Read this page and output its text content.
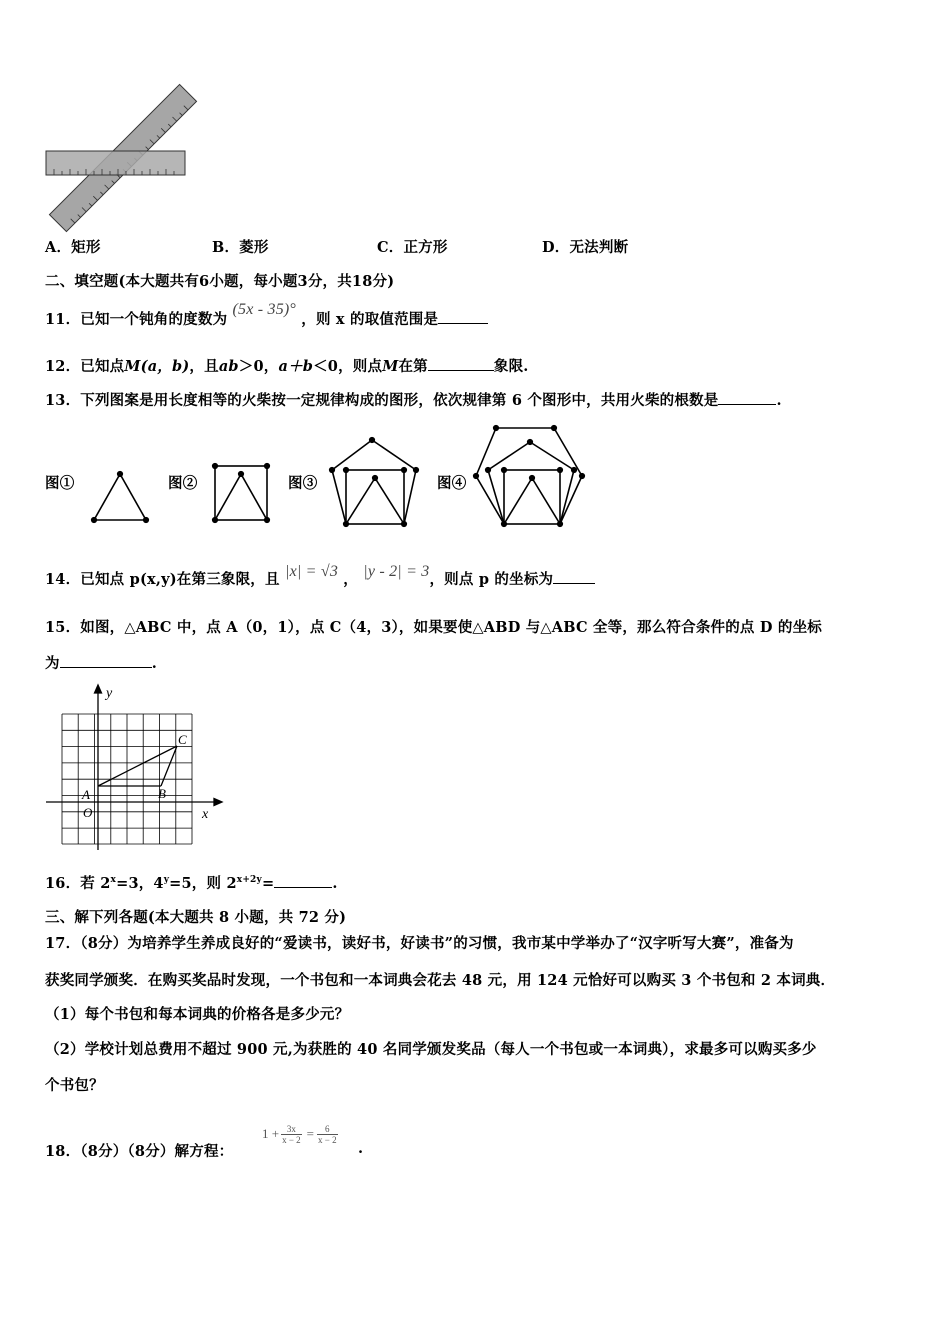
A．矩形	B．菱形	C．正方形	D．无法判断
二、填空题(本大题共有6小题，每小题3分，共18分)
11．已知一个钝角的度数为 (5x - 35)° ，则 x 的取值范围是
12．已知点M(a，b)，且ab＞0，a＋b＜0，则点M在第	象限.
13．下列图案是用长度相等的火柴按一定规律构成的图形，依次规律第 6 个图形中，共用火柴的根数是	.
图①	图②	图③	图④
14．已知点 p(x,y)在第三象限，且 |x| = √3 ， |y - 2| = 3，则点 p 的坐标为
15．如图，△ABC 中，点 A（0，1），点 C（4，3），如果要使△ABD 与△ABC 全等，那么符合条件的点 D 的坐标
为	.
y
x
O
A	B
C
16．若 $2^x=3$，$4^y=5$，则 $2^{x+2y}=$	.
三、解下列各题(本大题共 8 小题，共 72 分)
17．（8分）为培养学生养成良好的“爱读书，读好书，好读书”的习惯，我市某中学举办了“汉字听写大赛”，准备为
获奖同学颁奖．在购买奖品时发现，一个书包和一本词典会花去 48 元，用 124 元恰好可以购买 3 个书包和 2 本词典．
（1）每个书包和每本词典的价格各是多少元？
（2）学校计划总费用不超过 900 元,为获胜的 40 名同学颁发奖品（每人一个书包或一本词典），求最多可以购买多少
个书包？
18．（8分）（8分）解方程：
$1 + \frac{3x}{x - 2} = \frac{6}{x - 2}$
.
